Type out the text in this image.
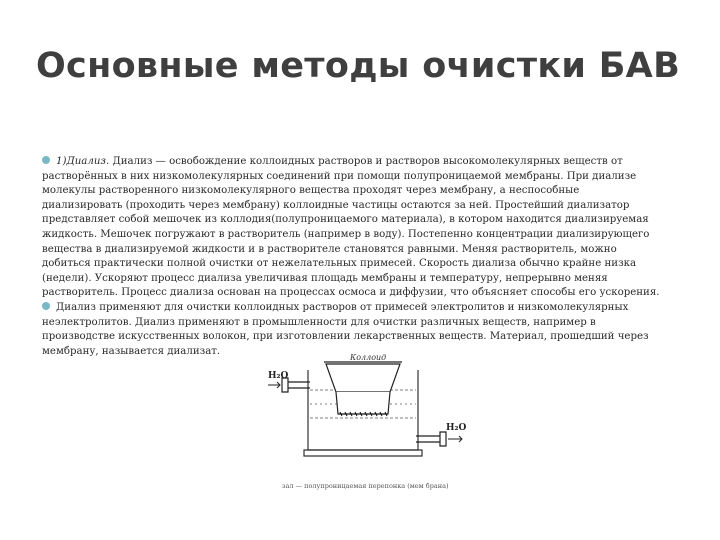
Основные методы очистки БАВ

1)Диализ. Диализ — освобождение коллоидных растворов и растворов высокомолекулярных веществ от растворённых в них низкомолекулярных соединений при помощи полупроницаемой мембраны. При диализе молекулы растворенного низкомолекулярного вещества проходят через мембрану, а неспособные диализировать (проходить через мембрану) коллоидные частицы остаются за ней. Простейший диализатор представляет собой мешочек из коллодия(полупроницаемого материала), в котором находится диализируемая жидкость. Мешочек погружают в растворитель (например в воду). Постепенно концентрации диализирующего вещества в диализируемой жидкости и в растворителе становятся равными. Меняя растворитель, можно добиться практически полной очистки от нежелательных примесей. Скорость диализа обычно крайне низка (недели). Ускоряют процесс диализа увеличивая площадь мембраны и температуру, непрерывно меняя растворитель. Процесс диализа основан на процессах осмоса и диффузии, что объясняет способы его ускорения.

Диализ применяют для очистки коллоидных растворов от примесей электролитов и низкомолекулярных неэлектролитов. Диализ применяют в промышленности для очистки различных веществ, например в производстве искусственных волокон, при изготовлении лекарственных веществ. Материал, прошедший через мембрану, называется диализат.

Коллоид
H₂O
H₂O
зал — полупроницаемая перепонка (мем брана)
